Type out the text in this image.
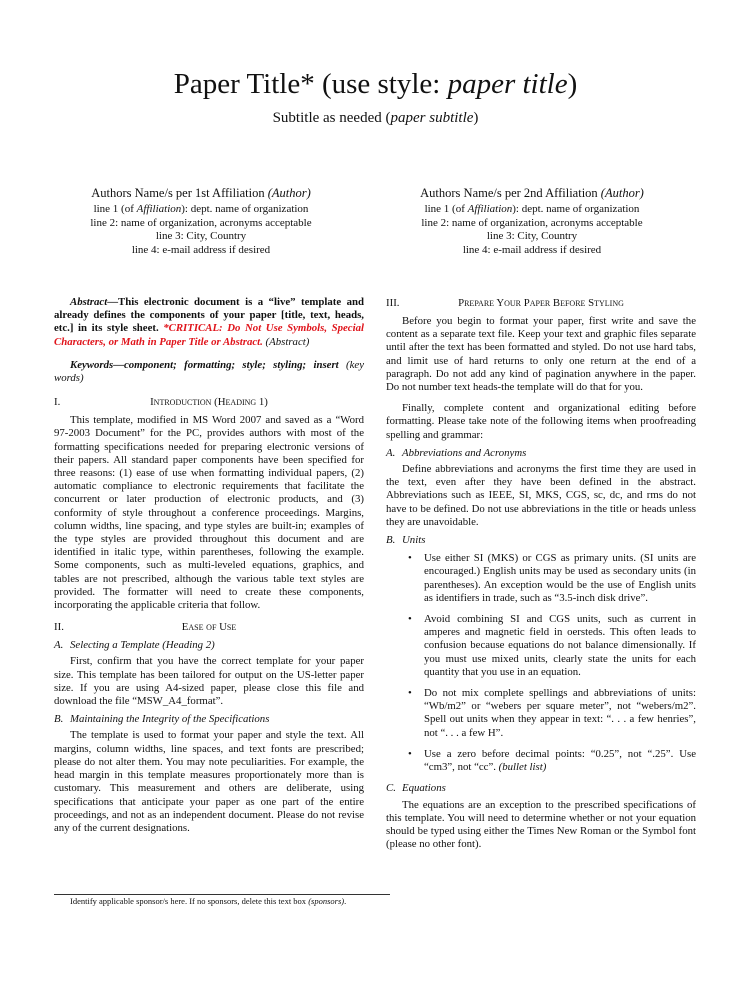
Paper Title* (use style: paper title)
Subtitle as needed (paper subtitle)
Authors Name/s per 1st Affiliation (Author)
line 1 (of Affiliation): dept. name of organization
line 2: name of organization, acronyms acceptable
line 3: City, Country
line 4: e-mail address if desired
Authors Name/s per 2nd Affiliation (Author)
line 1 (of Affiliation): dept. name of organization
line 2: name of organization, acronyms acceptable
line 3: City, Country
line 4: e-mail address if desired

Abstract—This electronic document is a “live” template and already defines the components of your paper [title, text, heads, etc.] in its style sheet. *CRITICAL: Do Not Use Symbols, Special Characters, or Math in Paper Title or Abstract. (Abstract)

Keywords—component; formatting; style; styling; insert (key words)

I.	Introduction (Heading 1)

This template, modified in MS Word 2007 and saved as a “Word 97-2003 Document” for the PC, provides authors with most of the formatting specifications needed for preparing electronic versions of their papers. All standard paper components have been specified for three reasons: (1) ease of use when formatting individual papers, (2) automatic compliance to electronic requirements that facilitate the concurrent or later production of electronic products, and (3) conformity of style throughout a conference proceedings. Margins, column widths, line spacing, and type styles are built-in; examples of the type styles are provided throughout this document and are identified in italic type, within parentheses, following the example. Some components, such as multi-leveled equations, graphics, and tables are not prescribed, although the various table text styles are provided. The formatter will need to create these components, incorporating the applicable criteria that follow.

II.	Ease of Use
A. Selecting a Template (Heading 2)

First, confirm that you have the correct template for your paper size. This template has been tailored for output on the US-letter paper size. If you are using A4-sized paper, please close this file and download the file “MSW_A4_format”.

B. Maintaining the Integrity of the Specifications

The template is used to format your paper and style the text. All margins, column widths, line spaces, and text fonts are prescribed; please do not alter them. You may note peculiarities. For example, the head margin in this template measures proportionately more than is customary. This measurement and others are deliberate, using specifications that anticipate your paper as one part of the entire proceedings, and not as an independent document. Please do not revise any of the current designations.

III.	Prepare Your Paper Before Styling

Before you begin to format your paper, first write and save the content as a separate text file. Keep your text and graphic files separate until after the text has been formatted and styled. Do not use hard tabs, and limit use of hard returns to only one return at the end of a paragraph. Do not add any kind of pagination anywhere in the paper. Do not number text heads-the template will do that for you.

Finally, complete content and organizational editing before formatting. Please take note of the following items when proofreading spelling and grammar:

A. Abbreviations and Acronyms

Define abbreviations and acronyms the first time they are used in the text, even after they have been defined in the abstract. Abbreviations such as IEEE, SI, MKS, CGS, sc, dc, and rms do not have to be defined. Do not use abbreviations in the title or heads unless they are unavoidable.

B. Units
• Use either SI (MKS) or CGS as primary units. (SI units are encouraged.) English units may be used as secondary units (in parentheses). An exception would be the use of English units as identifiers in trade, such as “3.5-inch disk drive”.
• Avoid combining SI and CGS units, such as current in amperes and magnetic field in oersteds. This often leads to confusion because equations do not balance dimensionally. If you must use mixed units, clearly state the units for each quantity that you use in an equation.
• Do not mix complete spellings and abbreviations of units: “Wb/m2” or “webers per square meter”, not “webers/m2”. Spell out units when they appear in text: “. . . a few henries”, not “. . . a few H”.
• Use a zero before decimal points: “0.25”, not “.25”. Use “cm3”, not “cc”. (bullet list)
C. Equations

The equations are an exception to the prescribed specifications of this template. You will need to determine whether or not your equation should be typed using either the Times New Roman or the Symbol font (please no other font).

Identify applicable sponsor/s here. If no sponsors, delete this text box (sponsors).
